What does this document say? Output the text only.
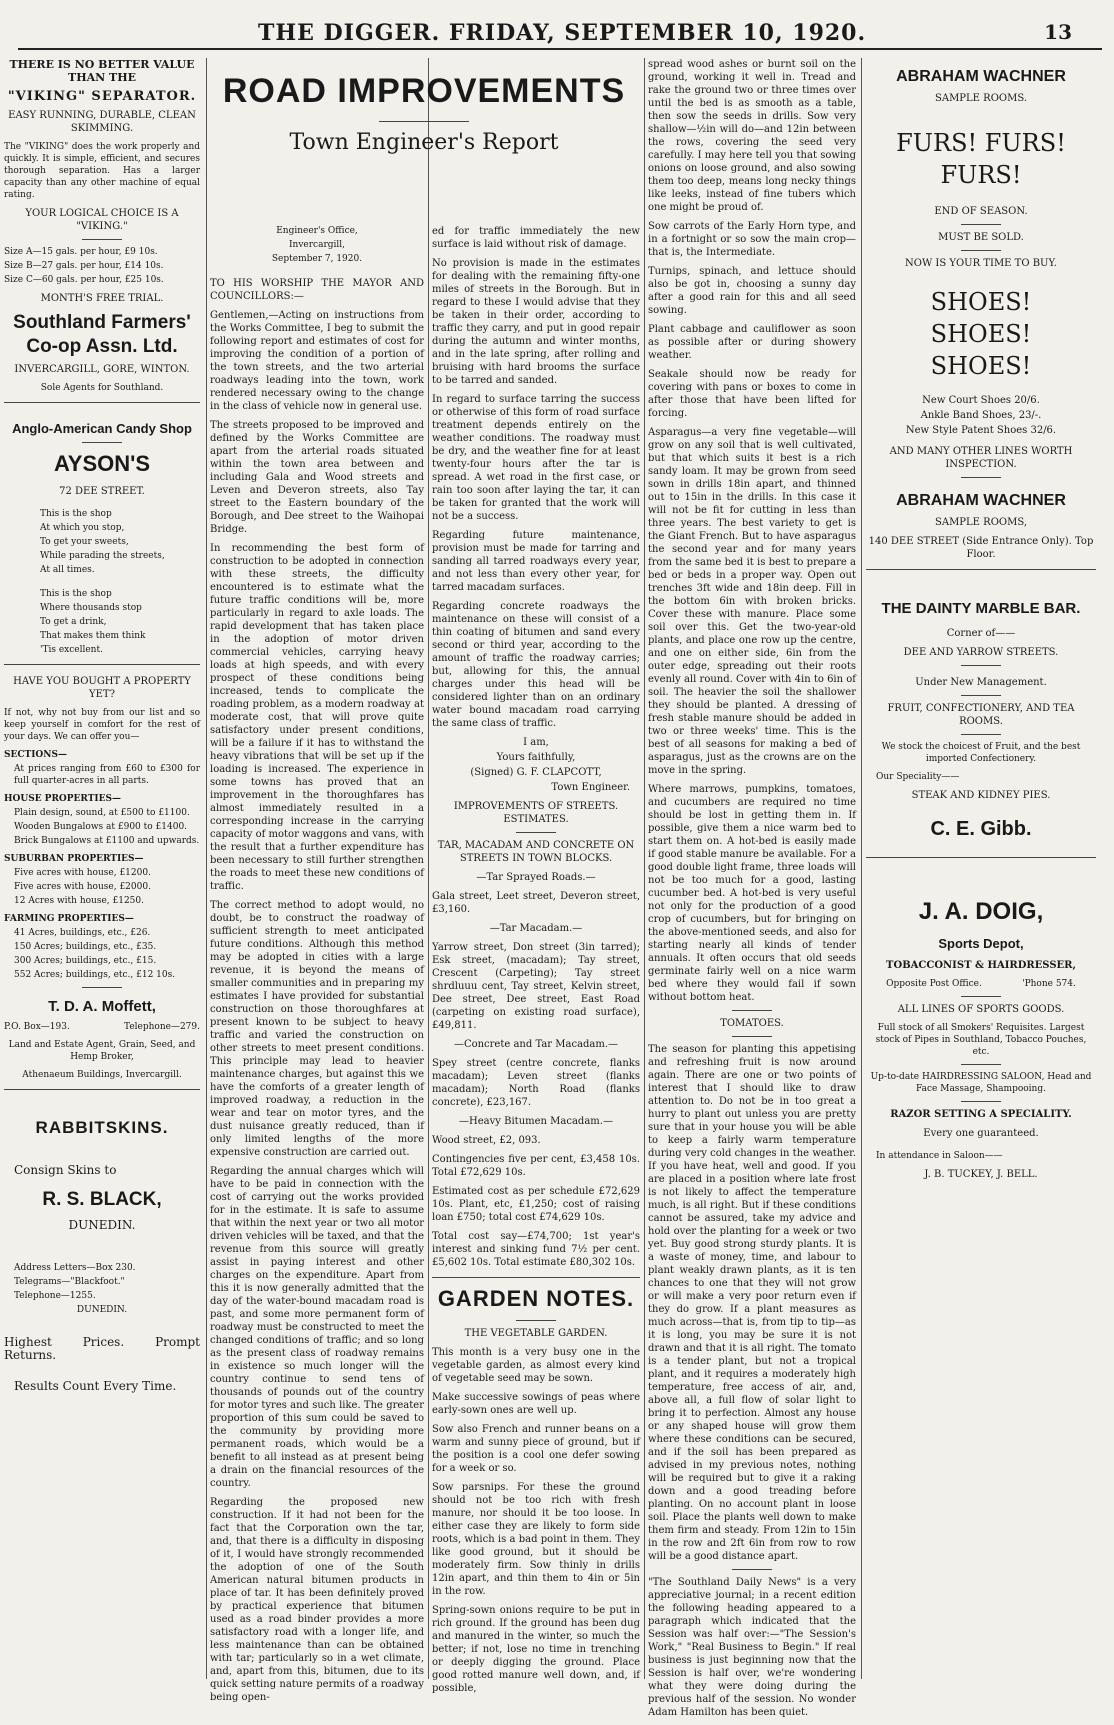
THE DIGGER. FRIDAY, SEPTEMBER 10, 1920.	13
THERE IS NO BETTER VALUE THAN THE
"VIKING" SEPARATOR.
EASY RUNNING, DURABLE, CLEAN SKIMMING.
The "VIKING" does the work properly and quickly. It is simple, efficient, and secures thorough separation. Has a larger capacity than any other machine of equal rating.
YOUR LOGICAL CHOICE IS A "VIKING."
Size A—15 gals. per hour, £9 10s.
Size B—27 gals. per hour, £14 10s.
Size C—60 gals. per hour, £25 10s.
MONTH'S FREE TRIAL.
Southland Farmers' Co-op Assn. Ltd.
INVERCARGILL, GORE, WINTON.
Sole Agents for Southland.
Anglo-American Candy Shop
AYSON'S
72 DEE STREET.
This is the shop
At which you stop,
To get your sweets,
While parading the streets,
At all times.
This is the shop
Where thousands stop
To get a drink,
That makes them think
'Tis excellent.
HAVE YOU BOUGHT A PROPERTY YET?
If not, why not buy from our list and so keep yourself in comfort for the rest of your days. We can offer you—
SECTIONS—
At prices ranging from £60 to £300 for full quarter-acres in all parts.
HOUSE PROPERTIES—
Plain design, sound, at £500 to £1100.
Wooden Bungalows at £900 to £1400.
Brick Bungalows at £1100 and upwards.
SUBURBAN PROPERTIES—
Five acres with house, £1200.
Five acres with house, £2000.
12 Acres with house, £1250.
FARMING PROPERTIES—
41 Acres, buildings, etc., £26.
150 Acres; buildings, etc., £35.
300 Acres; buildings, etc., £15.
552 Acres; buildings, etc., £12 10s.
T. D. A. Moffett,
P.O. Box—193.	Telephone—279.
Land and Estate Agent, Grain, Seed, and Hemp Broker,
Athenaeum Buildings, Invercargill.
RABBITSKINS.
Consign Skins to
R. S. BLACK,
DUNEDIN.
Address Letters—Box 230.
Telegrams—"Blackfoot."
Telephone—1255.
DUNEDIN.
Highest Prices. Prompt Returns.
Results Count Every Time.
ROAD IMPROVEMENTS
Town Engineer's Report
Engineer's Office,
Invercargill,
September 7, 1920.
TO HIS WORSHIP THE MAYOR AND COUNCILLORS:—

Gentlemen,—Acting on instructions from the Works Committee, I beg to submit the following report and estimates of cost for improving the condition of a portion of the town streets, and the two arterial roadways leading into the town, work rendered necessary owing to the change in the class of vehicle now in general use.

The streets proposed to be improved and defined by the Works Committee are apart from the arterial roads situated within the town area between and including Gala and Wood streets and Leven and Deveron streets, also Tay street to the Eastern boundary of the Borough, and Dee street to the Waihopai Bridge.

In recommending the best form of construction to be adopted in connection with these streets, the difficulty encountered is to estimate what the future traffic conditions will be, more particularly in regard to axle loads. The rapid development that has taken place in the adoption of motor driven commercial vehicles, carrying heavy loads at high speeds, and with every prospect of these conditions being increased, tends to complicate the roading problem, as a modern roadway at moderate cost, that will prove quite satisfactory under present conditions, will be a failure if it has to withstand the heavy vibrations that will be set up if the loading is increased. The experience in some towns has proved that an improvement in the thoroughfares has almost immediately resulted in a corresponding increase in the carrying capacity of motor waggons and vans, with the result that a further expenditure has been necessary to still further strengthen the roads to meet these new conditions of traffic.

The correct method to adopt would, no doubt, be to construct the roadway of sufficient strength to meet anticipated future conditions. Although this method may be adopted in cities with a large revenue, it is beyond the means of smaller communities and in preparing my estimates I have provided for substantial construction on those thoroughfares at present known to be subject to heavy traffic and varied the construction on other streets to meet present conditions. This principle may lead to heavier maintenance charges, but against this we have the comforts of a greater length of improved roadway, a reduction in the wear and tear on motor tyres, and the dust nuisance greatly reduced, than if only limited lengths of the more expensive construction are carried out.

Regarding the annual charges which will have to be paid in connection with the cost of carrying out the works provided for in the estimate. It is safe to assume that within the next year or two all motor driven vehicles will be taxed, and that the revenue from this source will greatly assist in paying interest and other charges on the expenditure. Apart from this it is now generally admitted that the day of the water-bound macadam road is past, and some more permanent form of roadway must be constructed to meet the changed conditions of traffic; and so long as the present class of roadway remains in existence so much longer will the country continue to send tens of thousands of pounds out of the country for motor tyres and such like. The greater proportion of this sum could be saved to the community by providing more permanent roads, which would be a benefit to all instead as at present being a drain on the financial resources of the country.

Regarding the proposed new construction. If it had not been for the fact that the Corporation own the tar, and, that there is a difficulty in disposing of it, I would have strongly recommended the adoption of one of the South American natural bitumen products in place of tar. It has been definitely proved by practical experience that bitumen used as a road binder provides a more satisfactory road with a longer life, and less maintenance than can be obtained with tar; particularly so in a wet climate, and, apart from this, bitumen, due to its quick setting nature permits of a roadway being open-

ed for traffic immediately the new surface is laid without risk of damage.

No provision is made in the estimates for dealing with the remaining fifty-one miles of streets in the Borough. But in regard to these I would advise that they be taken in their order, according to traffic they carry, and put in good repair during the autumn and winter months, and in the late spring, after rolling and bruising with hard brooms the surface to be tarred and sanded.

In regard to surface tarring the success or otherwise of this form of road surface treatment depends entirely on the weather conditions. The roadway must be dry, and the weather fine for at least twenty-four hours after the tar is spread. A wet road in the first case, or rain too soon after laying the tar, it can be taken for granted that the work will not be a success.

Regarding future maintenance, provision must be made for tarring and sanding all tarred roadways every year, and not less than every other year, for tarred macadam surfaces.

Regarding concrete roadways the maintenance on these will consist of a thin coating of bitumen and sand every second or third year, according to the amount of traffic the roadway carries; but, allowing for this, the annual charges under this head will be considered lighter than on an ordinary water bound macadam road carrying the same class of traffic.

I am,
Yours faithfully,
(Signed) G. F. CLAPCOTT,
Town Engineer.
IMPROVEMENTS OF STREETS. ESTIMATES.
TAR, MACADAM AND CONCRETE ON STREETS IN TOWN BLOCKS.
—Tar Sprayed Roads.—

Gala street, Leet street, Deveron street, £3,160.

—Tar Macadam.—

Yarrow street, Don street (3in tarred); Esk street, (macadam); Tay street, Crescent (Carpeting); Tay street shrdluuu cent, Tay street, Kelvin street, Dee street, Dee street, East Road (carpeting on existing road surface), £49,811.

—Concrete and Tar Macadam.—

Spey street (centre concrete, flanks macadam); Leven street (flanks macadam); North Road (flanks concrete), £23,167.

—Heavy Bitumen Macadam.—

Wood street, £2, 093.

Contingencies five per cent, £3,458 10s. Total £72,629 10s.

Estimated cost as per schedule £72,629 10s. Plant, etc, £1,250; cost of raising loan £750; total cost £74,629 10s.

Total cost say—£74,700; 1st year's interest and sinking fund 7½ per cent. £5,602 10s. Total estimate £80,302 10s.

GARDEN NOTES.
THE VEGETABLE GARDEN.

This month is a very busy one in the vegetable garden, as almost every kind of vegetable seed may be sown.

Make successive sowings of peas where early-sown ones are well up.

Sow also French and runner beans on a warm and sunny piece of ground, but if the position is a cool one defer sowing for a week or so.

Sow parsnips. For these the ground should not be too rich with fresh manure, nor should it be too loose. In either case they are likely to form side roots, which is a bad point in them. They like good ground, but it should be moderately firm. Sow thinly in drills 12in apart, and thin them to 4in or 5in in the row.

Spring-sown onions require to be put in rich ground. If the ground has been dug and manured in the winter, so much the better; if not, lose no time in trenching or deeply digging the ground. Place good rotted manure well down, and, if possible,

spread wood ashes or burnt soil on the ground, working it well in. Tread and rake the ground two or three times over until the bed is as smooth as a table, then sow the seeds in drills. Sow very shallow—½in will do—and 12in between the rows, covering the seed very carefully. I may here tell you that sowing onions on loose ground, and also sowing them too deep, means long necky things like leeks, instead of fine tubers which one might be proud of.

Sow carrots of the Early Horn type, and in a fortnight or so sow the main crop—that is, the Intermediate.

Turnips, spinach, and lettuce should also be got in, choosing a sunny day after a good rain for this and all seed sowing.

Plant cabbage and cauliflower as soon as possible after or during showery weather.

Seakale should now be ready for covering with pans or boxes to come in after those that have been lifted for forcing.

Asparagus—a very fine vegetable—will grow on any soil that is well cultivated, but that which suits it best is a rich sandy loam. It may be grown from seed sown in drills 18in apart, and thinned out to 15in in the drills. In this case it will not be fit for cutting in less than three years. The best variety to get is the Giant French. But to have asparagus the second year and for many years from the same bed it is best to prepare a bed or beds in a proper way. Open out trenches 3ft wide and 18in deep. Fill in the bottom 6in with broken bricks. Cover these with manure. Place some soil over this. Get the two-year-old plants, and place one row up the centre, and one on either side, 6in from the outer edge, spreading out their roots evenly all round. Cover with 4in to 6in of soil. The heavier the soil the shallower they should be planted. A dressing of fresh stable manure should be added in two or three weeks' time. This is the best of all seasons for making a bed of asparagus, just as the crowns are on the move in the spring.

Where marrows, pumpkins, tomatoes, and cucumbers are required no time should be lost in getting them in. If possible, give them a nice warm bed to start them on. A hot-bed is easily made if good stable manure be available. For a good double light frame, three loads will not be too much for a good, lasting cucumber bed. A hot-bed is very useful not only for the production of a good crop of cucumbers, but for bringing on the above-mentioned seeds, and also for starting nearly all kinds of tender annuals. It often occurs that old seeds germinate fairly well on a nice warm bed where they would fail if sown without bottom heat.

TOMATOES.

The season for planting this appetising and refreshing fruit is now around again. There are one or two points of interest that I should like to draw attention to. Do not be in too great a hurry to plant out unless you are pretty sure that in your house you will be able to keep a fairly warm temperature during very cold changes in the weather. If you have heat, well and good. If you are placed in a position where late frost is not likely to affect the temperature much, is all right. But if these conditions cannot be assured, take my advice and hold over the planting for a week or two yet. Buy good strong sturdy plants. It is a waste of money, time, and labour to plant weakly drawn plants, as it is ten chances to one that they will not grow or will make a very poor return even if they do grow. If a plant measures as much across—that is, from tip to tip—as it is long, you may be sure it is not drawn and that it is all right. The tomato is a tender plant, but not a tropical plant, and it requires a moderately high temperature, free access of air, and, above all, a full flow of solar light to bring it to perfection. Almost any house or any shaped house will grow them where these conditions can be secured, and if the soil has been prepared as advised in my previous notes, nothing will be required but to give it a raking down and a good treading before planting. On no account plant in loose soil. Place the plants well down to make them firm and steady. From 12in to 15in in the row and 2ft 6in from row to row will be a good distance apart.

"The Southland Daily News" is a very appreciative journal; in a recent edition the following heading appeared to a paragraph which indicated that the Session was half over:—"The Session's Work," "Real Business to Begin." If real business is just beginning now that the Session is half over, we're wondering what they were doing during the previous half of the session. No wonder Adam Hamilton has been quiet.

ABRAHAM WACHNER
SAMPLE ROOMS.
FURS! FURS! FURS!
END OF SEASON.
MUST BE SOLD.
NOW IS YOUR TIME TO BUY.
SHOES! SHOES! SHOES!
New Court Shoes 20/6.
Ankle Band Shoes, 23/-.
New Style Patent Shoes 32/6.
AND MANY OTHER LINES WORTH INSPECTION.
ABRAHAM WACHNER
SAMPLE ROOMS,
140 DEE STREET (Side Entrance Only). Top Floor.
THE DAINTY MARBLE BAR.
Corner of——
DEE AND YARROW STREETS.
Under New Management.
FRUIT, CONFECTIONERY, AND TEA ROOMS.
We stock the choicest of Fruit, and the best imported Confectionery.
Our Speciality——
STEAK AND KIDNEY PIES.
C. E. Gibb.
J. A. DOIG,
Sports Depot,
TOBACCONIST & HAIRDRESSER,
Opposite Post Office.	'Phone 574.
ALL LINES OF SPORTS GOODS.
Full stock of all Smokers' Requisites. Largest stock of Pipes in Southland, Tobacco Pouches, etc.
Up-to-date HAIRDRESSING SALOON, Head and Face Massage, Shampooing.
RAZOR SETTING A SPECIALITY.
Every one guaranteed.
In attendance in Saloon——
J. B. TUCKEY, J. BELL.
